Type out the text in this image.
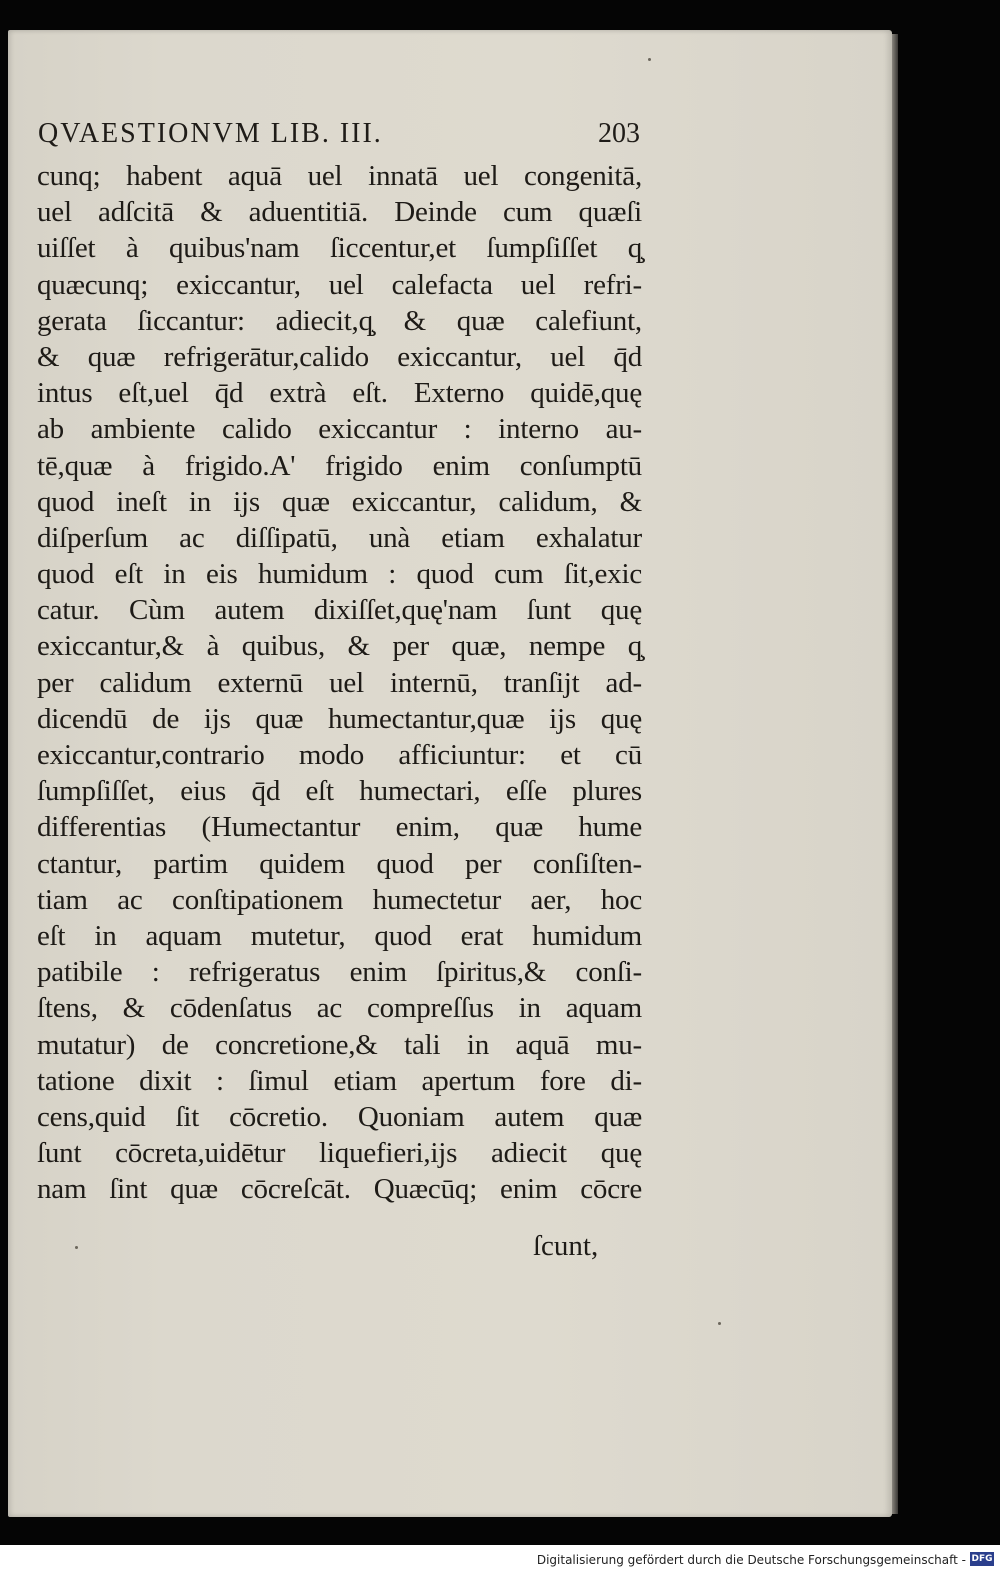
QVAESTIONVM LIB. III.	203
cunq; habent aquā uel innatā uel congenitā,
uel adſcitā & aduentitiā. Deinde cum quæſi
uiſſet à quibus'nam ſiccentur,et ſumpſiſſet q̧
quæcunq; exiccantur, uel calefacta uel refri-
gerata ſiccantur: adiecit,q̧ & quæ calefiunt,
& quæ refrigerātur,calido exiccantur, uel q̄d
intus eſt,uel q̄d extrà eſt. Externo quidē,quę
ab ambiente calido exiccantur : interno au-
tē,quæ à frigido.A' frigido enim conſumptū
quod ineſt in ijs quæ exiccantur, calidum, &
diſperſum ac diſſipatū, unà etiam exhalatur
quod eſt in eis humidum : quod cum ſit,exic
catur. Cùm autem dixiſſet,quę'nam ſunt quę
exiccantur,& à quibus, & per quæ, nempe q̧
per calidum externū uel internū, tranſijt ad-
dicendū de ijs quæ humectantur,quæ ijs quę
exiccantur,contrario modo afficiuntur: et cū
ſumpſiſſet, eius q̄d eſt humectari, eſſe plures
differentias (Humectantur enim, quæ hume
ctantur, partim quidem quod per conſiſten-
tiam ac conſtipationem humectetur aer, hoc
eſt in aquam mutetur, quod erat humidum
patibile : refrigeratus enim ſpiritus,& conſi-
ſtens, & cōdenſatus ac compreſſus in aquam
mutatur) de concretione,& tali in aquā mu-
tatione dixit : ſimul etiam apertum fore di-
cens,quid ſit cōcretio. Quoniam autem quæ
ſunt cōcreta,uidētur liquefieri,ijs adiecit quę
nam ſint quæ cōcreſcāt. Quæcūq; enim cōcre
ſcunt,
Digitalisierung gefördert durch die Deutsche Forschungsgemeinschaft - DFG
